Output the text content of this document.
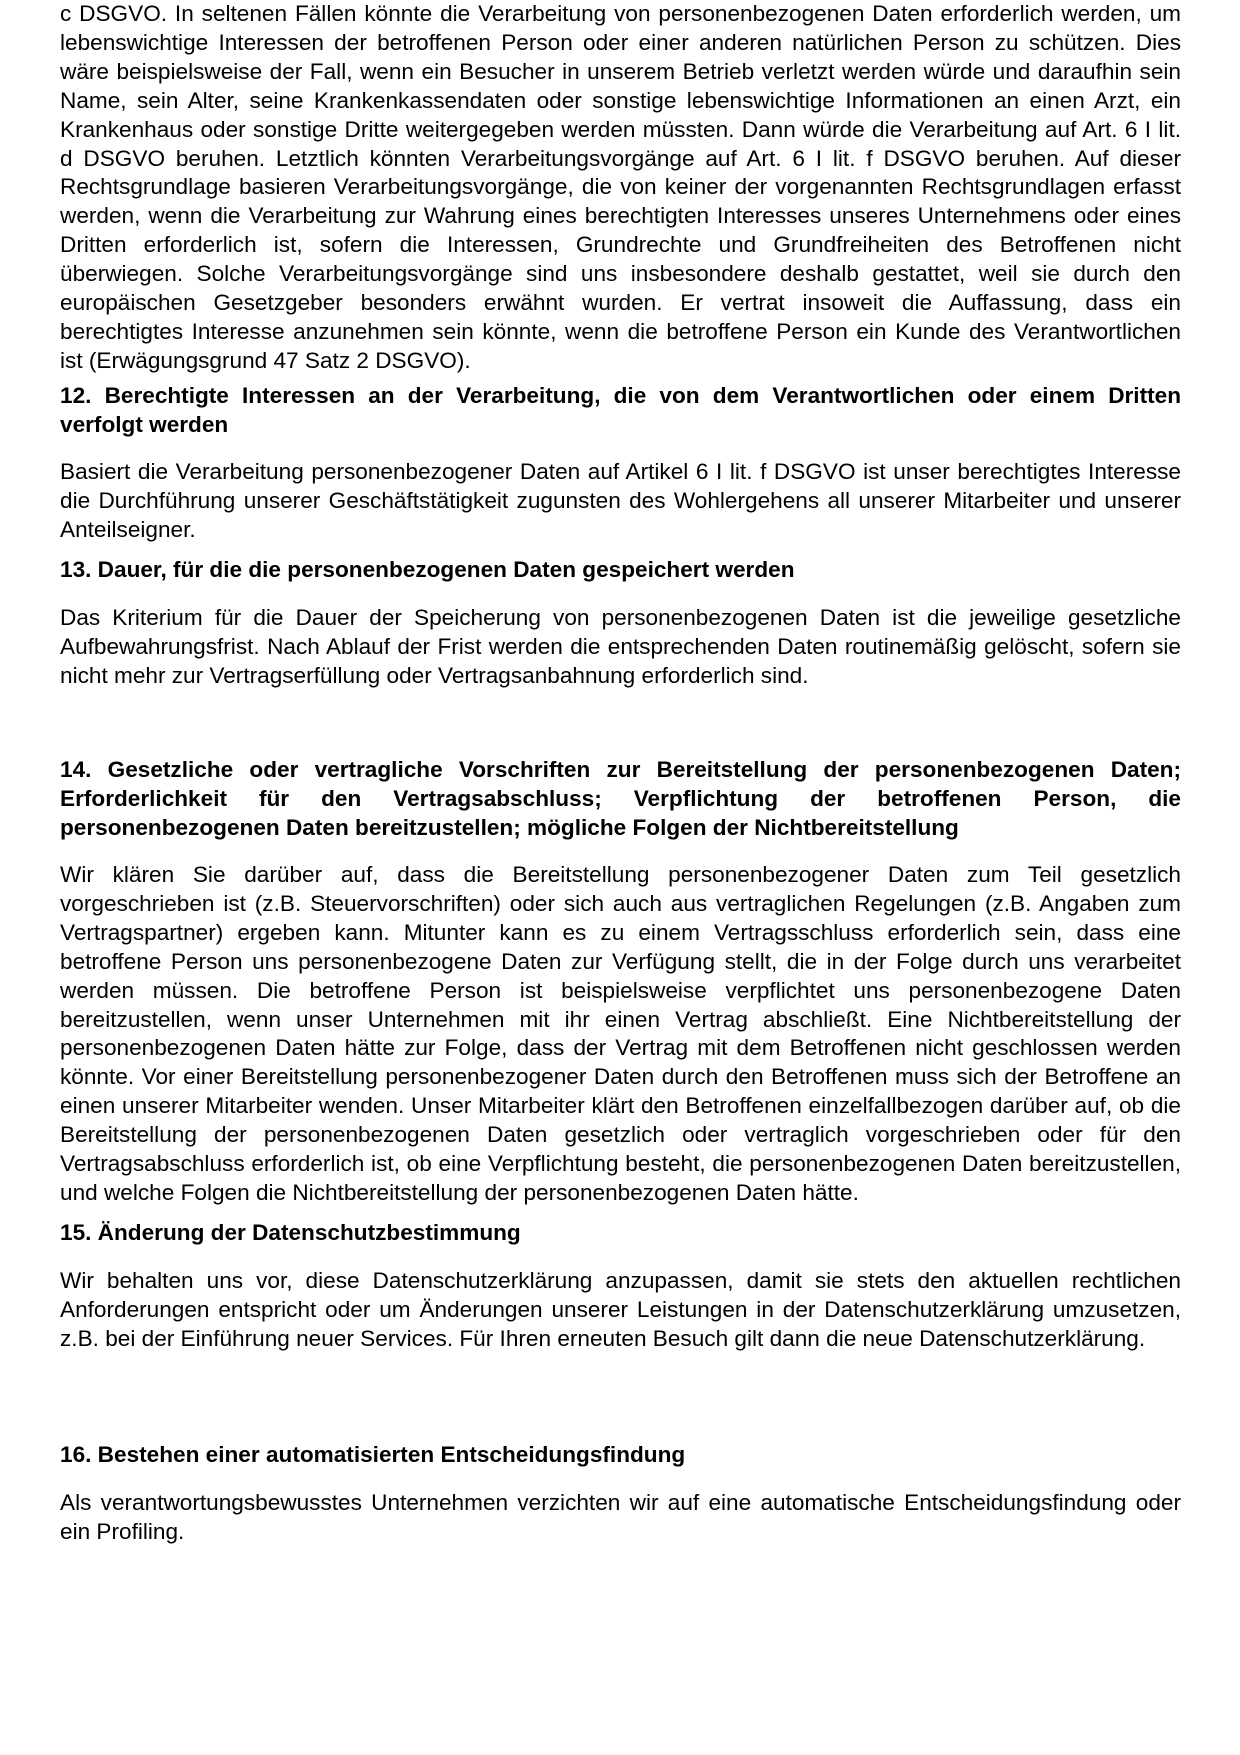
c DSGVO. In seltenen Fällen könnte die Verarbeitung von personenbezogenen Daten erforderlich werden, um lebenswichtige Interessen der betroffenen Person oder einer anderen natürlichen Person zu schützen. Dies wäre beispielsweise der Fall, wenn ein Besucher in unserem Betrieb verletzt werden würde und daraufhin sein Name, sein Alter, seine Krankenkassendaten oder sonstige lebenswichtige Informationen an einen Arzt, ein Krankenhaus oder sonstige Dritte weitergegeben werden müssten. Dann würde die Verarbeitung auf Art. 6 I lit. d DSGVO beruhen. Letztlich könnten Verarbeitungsvorgänge auf Art. 6 I lit. f DSGVO beruhen. Auf dieser Rechtsgrundlage basieren Verarbeitungsvorgänge, die von keiner der vorgenannten Rechtsgrundlagen erfasst werden, wenn die Verarbeitung zur Wahrung eines berechtigten Interesses unseres Unternehmens oder eines Dritten erforderlich ist, sofern die Interessen, Grundrechte und Grundfreiheiten des Betroffenen nicht überwiegen. Solche Verarbeitungsvorgänge sind uns insbesondere deshalb gestattet, weil sie durch den europäischen Gesetzgeber besonders erwähnt wurden. Er vertrat insoweit die Auffassung, dass ein berechtigtes Interesse anzunehmen sein könnte, wenn die betroffene Person ein Kunde des Verantwortlichen ist (Erwägungsgrund 47 Satz 2 DSGVO).

12. Berechtigte Interessen an der Verarbeitung, die von dem Verantwortlichen oder einem Dritten verfolgt werden

Basiert die Verarbeitung personenbezogener Daten auf Artikel 6 I lit. f DSGVO ist unser berechtigtes Interesse die Durchführung unserer Geschäftstätigkeit zugunsten des Wohlergehens all unserer Mitarbeiter und unserer Anteilseigner.

13. Dauer, für die die personenbezogenen Daten gespeichert werden

Das Kriterium für die Dauer der Speicherung von personenbezogenen Daten ist die jeweilige gesetzliche Aufbewahrungsfrist. Nach Ablauf der Frist werden die entsprechenden Daten routinemäßig gelöscht, sofern sie nicht mehr zur Vertragserfüllung oder Vertragsanbahnung erforderlich sind.

14. Gesetzliche oder vertragliche Vorschriften zur Bereitstellung der personenbezogenen Daten; Erforderlichkeit für den Vertragsabschluss; Verpflichtung der betroffenen Person, die personenbezogenen Daten bereitzustellen; mögliche Folgen der Nichtbereitstellung

Wir klären Sie darüber auf, dass die Bereitstellung personenbezogener Daten zum Teil gesetzlich vorgeschrieben ist (z.B. Steuervorschriften) oder sich auch aus vertraglichen Regelungen (z.B. Angaben zum Vertragspartner) ergeben kann. Mitunter kann es zu einem Vertragsschluss erforderlich sein, dass eine betroffene Person uns personenbezogene Daten zur Verfügung stellt, die in der Folge durch uns verarbeitet werden müssen. Die betroffene Person ist beispielsweise verpflichtet uns personenbezogene Daten bereitzustellen, wenn unser Unternehmen mit ihr einen Vertrag abschließt. Eine Nichtbereitstellung der personenbezogenen Daten hätte zur Folge, dass der Vertrag mit dem Betroffenen nicht geschlossen werden könnte. Vor einer Bereitstellung personenbezogener Daten durch den Betroffenen muss sich der Betroffene an einen unserer Mitarbeiter wenden. Unser Mitarbeiter klärt den Betroffenen einzelfallbezogen darüber auf, ob die Bereitstellung der personenbezogenen Daten gesetzlich oder vertraglich vorgeschrieben oder für den Vertragsabschluss erforderlich ist, ob eine Verpflichtung besteht, die personenbezogenen Daten bereitzustellen, und welche Folgen die Nichtbereitstellung der personenbezogenen Daten hätte.

15. Änderung der Datenschutzbestimmung

Wir behalten uns vor, diese Datenschutzerklärung anzupassen, damit sie stets den aktuellen rechtlichen Anforderungen entspricht oder um Änderungen unserer Leistungen in der Datenschutzerklärung umzusetzen, z.B. bei der Einführung neuer Services. Für Ihren erneuten Besuch gilt dann die neue Datenschutzerklärung.

16. Bestehen einer automatisierten Entscheidungsfindung

Als verantwortungsbewusstes Unternehmen verzichten wir auf eine automatische Entscheidungsfindung oder ein Profiling.
